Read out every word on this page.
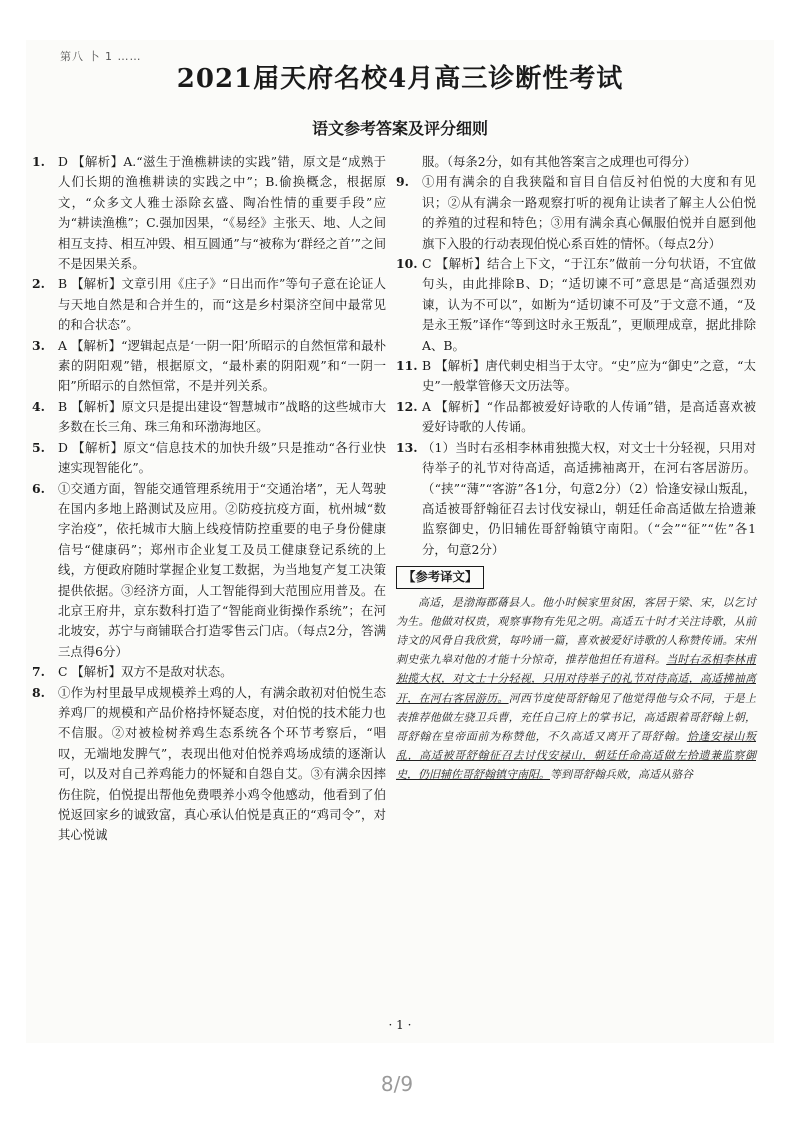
第八 卜 1 ……
2021届天府名校4月高三诊断性考试
语文参考答案及评分细则
1. D 【解析】A.“滋生于渔樵耕读的实践”错，原文是“成熟于人们长期的渔樵耕读的实践之中”；B.偷换概念，根据原文，“众多文人雅士添除玄盛、陶冶性情的重要手段”应为“耕读渔樵”；C.强加因果，“《易经》主张天、地、人之间相互支持、相互冲毁、相互圆通”与“被称为‘群经之首’”之间不是因果关系。
2. B 【解析】文章引用《庄子》“日出而作”等句子意在论证人与天地自然是和合并生的，而“这是乡村渠济空间中最常见的和合状态”。
3. A 【解析】“逻辑起点是‘一阴一阳’所昭示的自然恒常和最朴素的阴阳观”错，根据原文，“最朴素的阴阳观”和“一阴一阳”所昭示的自然恒常，不是并列关系。
4. B 【解析】原文只是提出建设“智慧城市”战略的这些城市大多数在长三角、珠三角和环渤海地区。
5. D 【解析】原文“信息技术的加快升级”只是推动“各行业快速实现智能化”。
6. ①交通方面，智能交通管理系统用于“交通治堵”，无人驾驶在国内多地上路测试及应用。②防疫抗疫方面，杭州城“数字治疫”，依托城市大脑上线疫情防控重要的电子身份健康信号“健康码”；郑州市企业复工及员工健康登记系统的上线，方便政府随时掌握企业复工数据，为当地复产复工决策提供依据。③经济方面，人工智能得到大范围应用普及。在北京王府井，京东数科打造了“智能商业街操作系统”；在河北坡安，苏宁与商铺联合打造零售云门店。（每点2分，答满三点得6分）
7. C 【解析】双方不是敌对状态。
8. ①作为村里最早成规模养土鸡的人，有满余敢初对伯悦生态养鸡厂的规模和产品价格持怀疑态度，对伯悦的技术能力也不信服。②对被检树养鸡生态系统各个环节考察后，“唱叹，无端地发脾气”，表现出他对伯悦养鸡场成绩的逐渐认可，以及对自己养鸡能力的怀疑和自怨自艾。③有满余因摔伤住院，伯悦提出帮他免费喂养小鸡令他感动，他看到了伯悦返回家乡的诚致富，真心承认伯悦是真正的“鸡司令”，对其心悦诚
服。（每条2分，如有其他答案言之成理也可得分）
9. ①用有满余的自我狭隘和盲目自信反衬伯悦的大度和有见识；②从有满余一路观察打听的视角让读者了解主人公伯悦的养殖的过程和特色；③用有满余真心佩服伯悦并自愿到他旗下入股的行动表现伯悦心系百姓的情怀。（每点2分）
10. C 【解析】结合上下文，“于江东”做前一分句状语，不宜做句头，由此排除B、D；“适切谏不可”意思是“高适强烈劝谏，认为不可以”，如断为“适切谏不可及”于文意不通，“及是永王叛”译作“等到这时永王叛乱”，更顺理成章，据此排除A、B。
11. B 【解析】唐代刺史相当于太守。“史”应为“御史”之意，“太史”一般掌管修天文历法等。
12. A 【解析】“作品都被爱好诗歌的人传诵”错，是高适喜欢被爱好诗歌的人传诵。
13. （1）当时右丞相李林甫独揽大权，对文士十分轻视，只用对待举子的礼节对待高适，高适拂袖离开，在河右客居游历。（“挟”“薄”“客游”各1分，句意2分）（2）恰逢安禄山叛乱，高适被哥舒翰征召去讨伐安禄山，朝廷任命高适做左拾遗兼监察御史，仍旧辅佐哥舒翰镇守南阳。（“会”“征”“佐”各1分，句意2分）
【参考译文】
高适，是渤海郡蓨县人。他小时候家里贫困，客居于梁、宋，以乞讨为生。他做对权贵，观察事物有先见之明。高适五十时才关注诗歌，从前诗文的风骨自我欣赏，每吟诵一篇，喜欢被爱好诗歌的人称赞传诵。宋州刺史张九皋对他的才能十分惊奇，推荐他担任有道科。当时右丞相李林甫独揽大权，对文士十分轻视，只用对待举子的礼节对待高适，高适拂袖离开，在河右客居游历。河西节度使哥舒翰见了他觉得他与众不同，于是上表推荐他做左骁卫兵曹，充任自己府上的掌书记，高适跟着哥舒翰上朝，哥舒翰在皇帝面前为称赞他，不久高适又离开了哥舒翰。恰逢安禄山叛乱，高适被哥舒翰征召去讨伐安禄山，朝廷任命高适做左拾遗兼监察御史，仍旧辅佐哥舒翰镇守南阳。等到哥舒翰兵败，高适从骆谷
· 1 ·
8/9
